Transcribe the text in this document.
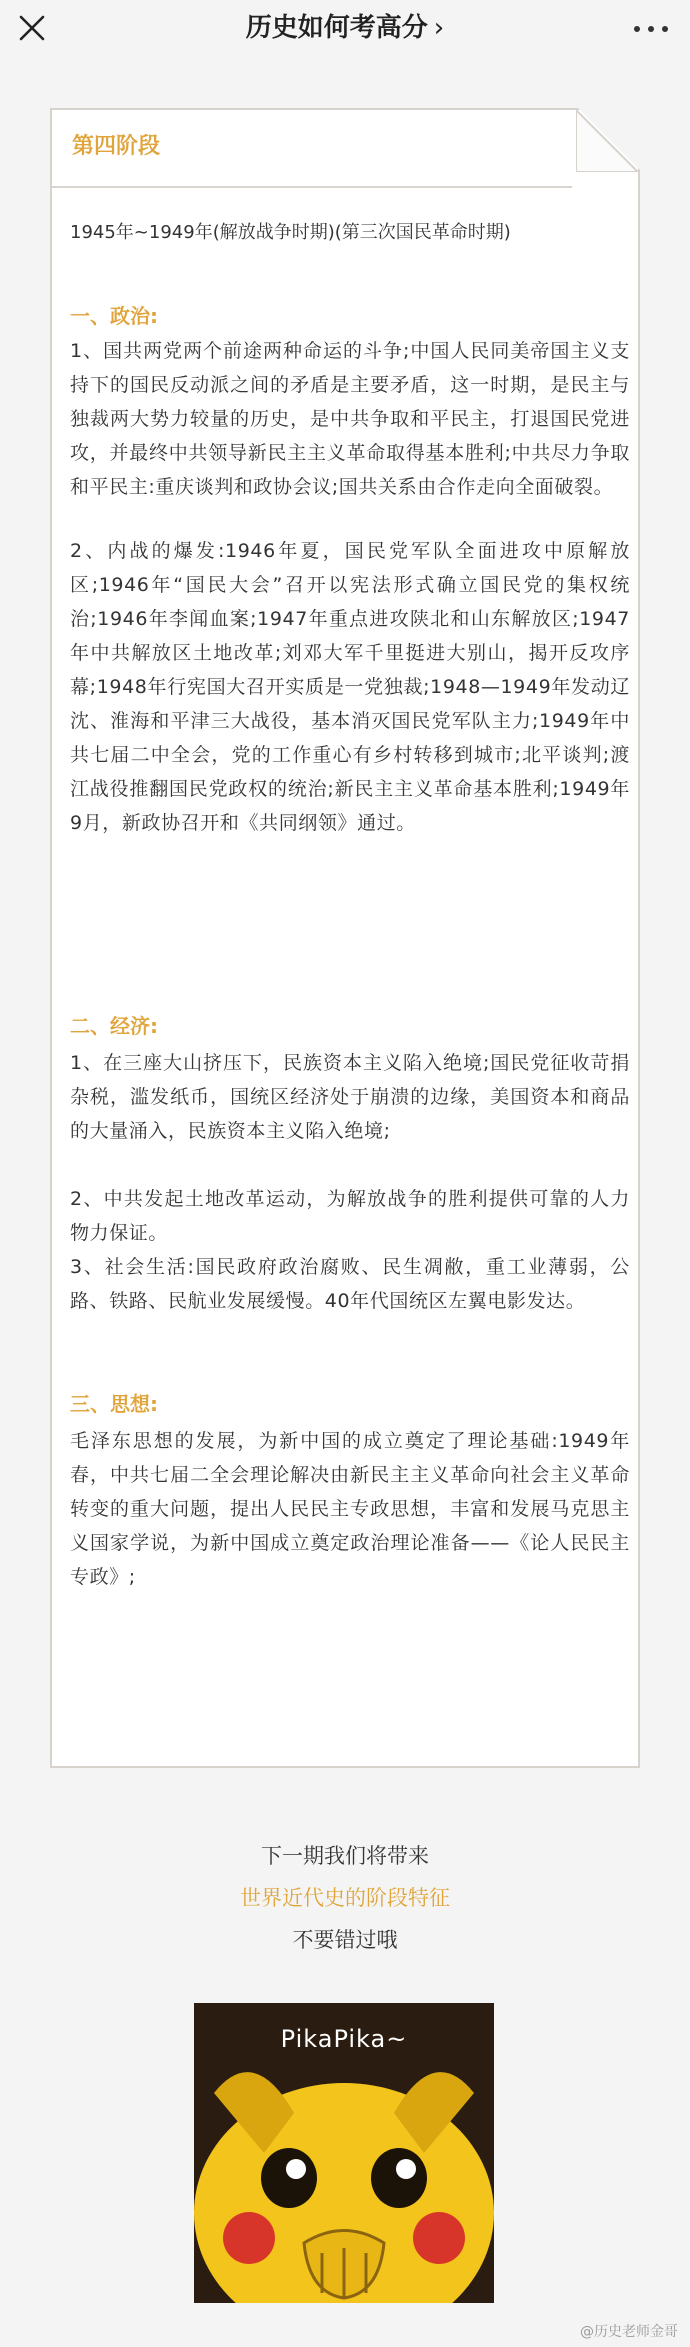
历史如何考高分 ›
第四阶段
1945年~1949年(解放战争时期)(第三次国民革命时期)
一、政治:
1、国共两党两个前途两种命运的斗争;中国人民同美帝国主义支持下的国民反动派之间的矛盾是主要矛盾，这一时期，是民主与独裁两大势力较量的历史，是中共争取和平民主，打退国民党进攻，并最终中共领导新民主主义革命取得基本胜利;中共尽力争取和平民主:重庆谈判和政协会议;国共关系由合作走向全面破裂。
2、内战的爆发:1946年夏，国民党军队全面进攻中原解放区;1946年“国民大会”召开以宪法形式确立国民党的集权统治;1946年李闻血案;1947年重点进攻陕北和山东解放区;1947年中共解放区土地改革;刘邓大军千里挺进大别山，揭开反攻序幕;1948年行宪国大召开实质是一党独裁;1948—1949年发动辽沈、淮海和平津三大战役，基本消灭国民党军队主力;1949年中共七届二中全会，党的工作重心有乡村转移到城市;北平谈判;渡江战役推翻国民党政权的统治;新民主主义革命基本胜利;1949年9月，新政协召开和《共同纲领》通过。
二、经济:
1、在三座大山挤压下，民族资本主义陷入绝境;国民党征收苛捐杂税，滥发纸币，国统区经济处于崩溃的边缘，美国资本和商品的大量涌入，民族资本主义陷入绝境;
2、中共发起土地改革运动，为解放战争的胜利提供可靠的人力物力保证。
3、社会生活:国民政府政治腐败、民生凋敝，重工业薄弱，公路、铁路、民航业发展缓慢。40年代国统区左翼电影发达。
三、思想:
毛泽东思想的发展，为新中国的成立奠定了理论基础:1949年春，中共七届二全会理论解决由新民主主义革命向社会主义革命转变的重大问题，提出人民民主专政思想，丰富和发展马克思主义国家学说，为新中国成立奠定政治理论准备——《论人民民主专政》;
下一期我们将带来
世界近代史的阶段特征
不要错过哦
PikaPika~
@历史老师金哥
